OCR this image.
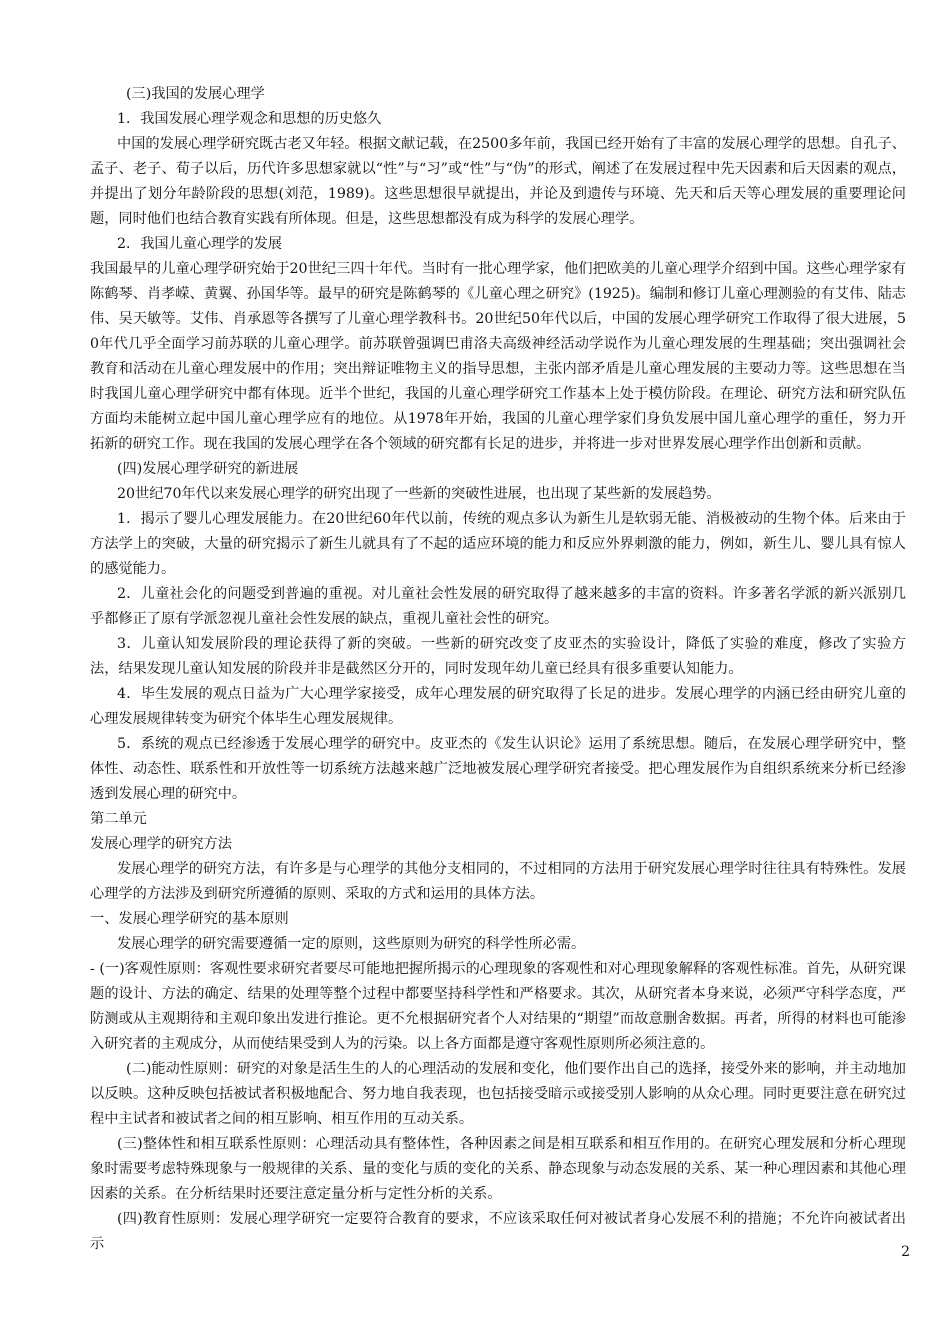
(三)我国的发展心理学

1．我国发展心理学观念和思想的历史悠久

中国的发展心理学研究既古老又年轻。根据文献记载，在2500多年前，我国已经开始有了丰富的发展心理学的思想。自孔子、孟子、老子、荀子以后，历代许多思想家就以“性”与“习”或“性”与“伪”的形式，阐述了在发展过程中先天因素和后天因素的观点，并提出了划分年龄阶段的思想(刘范，1989)。这些思想很早就提出，并论及到遗传与环境、先天和后天等心理发展的重要理论问题，同时他们也结合教育实践有所体现。但是，这些思想都没有成为科学的发展心理学。

2．我国儿童心理学的发展

我国最早的儿童心理学研究始于20世纪三四十年代。当时有一批心理学家，他们把欧美的儿童心理学介绍到中国。这些心理学家有陈鹤琴、肖孝嵘、黄翼、孙国华等。最早的研究是陈鹤琴的《儿童心理之研究》(1925)。编制和修订儿童心理测验的有艾伟、陆志伟、吴天敏等。艾伟、肖承恩等各撰写了儿童心理学教科书。20世纪50年代以后，中国的发展心理学研究工作取得了很大进展，50年代几乎全面学习前苏联的儿童心理学。前苏联曾强调巴甫洛夫高级神经活动学说作为儿童心理发展的生理基础；突出强调社会教育和活动在儿童心理发展中的作用；突出辩证唯物主义的指导思想，主张内部矛盾是儿童心理发展的主要动力等。这些思想在当时我国儿童心理学研究中都有体现。近半个世纪，我国的儿童心理学研究工作基本上处于模仿阶段。在理论、研究方法和研究队伍方面均未能树立起中国儿童心理学应有的地位。从1978年开始，我国的儿童心理学家们身负发展中国儿童心理学的重任，努力开拓新的研究工作。现在我国的发展心理学在各个领域的研究都有长足的进步，并将进一步对世界发展心理学作出创新和贡献。

(四)发展心理学研究的新进展

20世纪70年代以来发展心理学的研究出现了一些新的突破性进展，也出现了某些新的发展趋势。

1．揭示了婴儿心理发展能力。在20世纪60年代以前，传统的观点多认为新生儿是软弱无能、消极被动的生物个体。后来由于方法学上的突破，大量的研究揭示了新生儿就具有了不起的适应环境的能力和反应外界刺激的能力，例如，新生儿、婴儿具有惊人的感觉能力。

2．儿童社会化的问题受到普遍的重视。对儿童社会性发展的研究取得了越来越多的丰富的资料。许多著名学派的新兴派别几乎都修正了原有学派忽视儿童社会性发展的缺点，重视儿童社会性的研究。

3．儿童认知发展阶段的理论获得了新的突破。一些新的研究改变了皮亚杰的实验设计，降低了实验的难度，修改了实验方法，结果发现儿童认知发展的阶段并非是截然区分开的，同时发现年幼儿童已经具有很多重要认知能力。

4．毕生发展的观点日益为广大心理学家接受，成年心理发展的研究取得了长足的进步。发展心理学的内涵已经由研究儿童的心理发展规律转变为研究个体毕生心理发展规律。

5．系统的观点已经渗透于发展心理学的研究中。皮亚杰的《发生认识论》运用了系统思想。随后，在发展心理学研究中，整体性、动态性、联系性和开放性等一切系统方法越来越广泛地被发展心理学研究者接受。把心理发展作为自组织系统来分析已经渗透到发展心理的研究中。

第二单元

发展心理学的研究方法

发展心理学的研究方法，有许多是与心理学的其他分支相同的，不过相同的方法用于研究发展心理学时往往具有特殊性。发展心理学的方法涉及到研究所遵循的原则、采取的方式和运用的具体方法。

一、发展心理学研究的基本原则

发展心理学的研究需要遵循一定的原则，这些原则为研究的科学性所必需。

- (一)客观性原则：客观性要求研究者要尽可能地把握所揭示的心理现象的客观性和对心理现象解释的客观性标准。首先，从研究课题的设计、方法的确定、结果的处理等整个过程中都要坚持科学性和严格要求。其次，从研究者本身来说，必须严守科学态度，严防测或从主观期待和主观印象出发进行推论。更不允根据研究者个人对结果的“期望”而故意删舍数据。再者，所得的材料也可能渗入研究者的主观成分，从而使结果受到人为的污染。以上各方面都是遵守客观性原则所必须注意的。

(二)能动性原则：研究的对象是活生生的人的心理活动的发展和变化，他们要作出自己的选择，接受外来的影响，并主动地加以反映。这种反映包括被试者积极地配合、努力地自我表现，也包括接受暗示或接受别人影响的从众心理。同时更要注意在研究过程中主试者和被试者之间的相互影响、相互作用的互动关系。

(三)整体性和相互联系性原则：心理活动具有整体性，各种因素之间是相互联系和相互作用的。在研究心理发展和分析心理现象时需要考虑特殊现象与一般规律的关系、量的变化与质的变化的关系、静态现象与动态发展的关系、某一种心理因素和其他心理因素的关系。在分析结果时还要注意定量分析与定性分析的关系。

(四)教育性原则：发展心理学研究一定要符合教育的要求，不应该采取任何对被试者身心发展不利的措施；不允许向被试者出示	2
